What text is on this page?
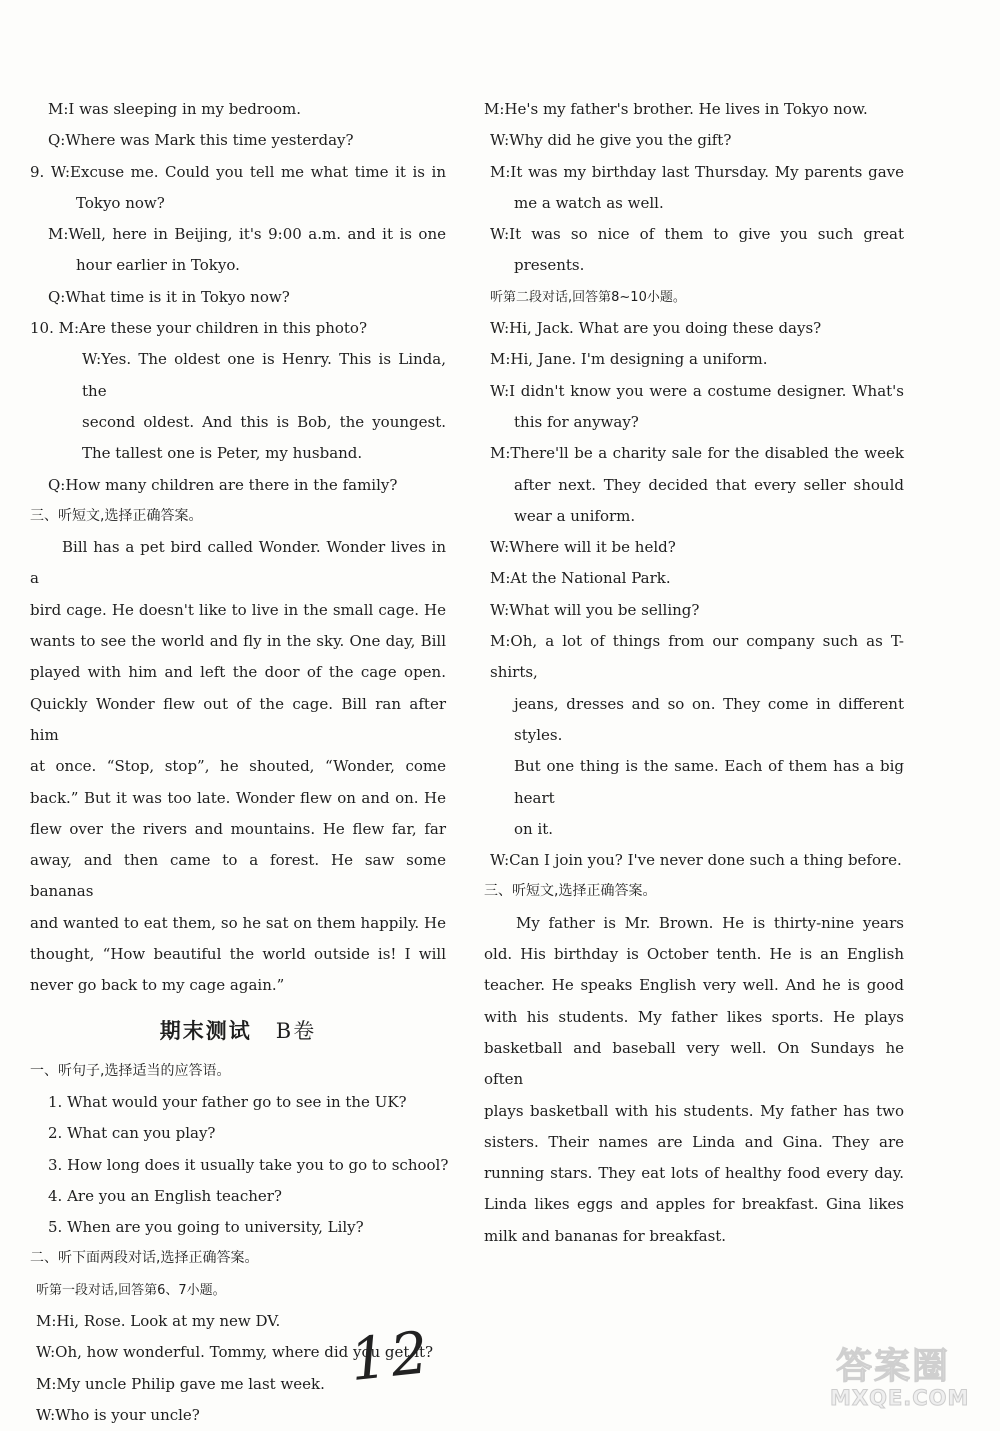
M:I was sleeping in my bedroom.
Q:Where was Mark this time yesterday?
9. W:Excuse me. Could you tell me what time it is in
Tokyo now?
M:Well, here in Beijing, it's 9:00 a.m. and it is one
hour earlier in Tokyo.
Q:What time is it in Tokyo now?
10. M:Are these your children in this photo?
W:Yes. The oldest one is Henry. This is Linda, the
second oldest. And this is Bob, the youngest.
The tallest one is Peter, my husband.
Q:How many children are there in the family?
三、听短文,选择正确答案。
Bill has a pet bird called Wonder. Wonder lives in a
bird cage. He doesn't like to live in the small cage. He
wants to see the world and fly in the sky. One day, Bill
played with him and left the door of the cage open.
Quickly Wonder flew out of the cage. Bill ran after him
at once. “Stop, stop”, he shouted, “Wonder, come
back.” But it was too late. Wonder flew on and on. He
flew over the rivers and mountains. He flew far, far
away, and then came to a forest. He saw some bananas
and wanted to eat them, so he sat on them happily. He
thought, “How beautiful the world outside is! I will
never go back to my cage again.”
期末测试 B卷
一、听句子,选择适当的应答语。
1. What would your father go to see in the UK?
2. What can you play?
3. How long does it usually take you to go to school?
4. Are you an English teacher?
5. When are you going to university, Lily?
二、听下面两段对话,选择正确答案。
听第一段对话,回答第6、7小题。
M:Hi, Rose. Look at my new DV.
W:Oh, how wonderful. Tommy, where did you get it?
M:My uncle Philip gave me last week.
W:Who is your uncle?
M:He's my father's brother. He lives in Tokyo now.
W:Why did he give you the gift?
M:It was my birthday last Thursday. My parents gave
me a watch as well.
W:It was so nice of them to give you such great
presents.
听第二段对话,回答第8~10小题。
W:Hi, Jack. What are you doing these days?
M:Hi, Jane. I'm designing a uniform.
W:I didn't know you were a costume designer. What's
this for anyway?
M:There'll be a charity sale for the disabled the week
after next. They decided that every seller should
wear a uniform.
W:Where will it be held?
M:At the National Park.
W:What will you be selling?
M:Oh, a lot of things from our company such as T-shirts,
jeans, dresses and so on. They come in different styles.
But one thing is the same. Each of them has a big heart
on it.
W:Can I join you? I've never done such a thing before.
三、听短文,选择正确答案。
My father is Mr. Brown. He is thirty-nine years
old. His birthday is October tenth. He is an English
teacher. He speaks English very well. And he is good
with his students. My father likes sports. He plays
basketball and baseball very well. On Sundays he often
plays basketball with his students. My father has two
sisters. Their names are Linda and Gina. They are
running stars. They eat lots of healthy food every day.
Linda likes eggs and apples for breakfast. Gina likes
milk and bananas for breakfast.
12	答案圈
MXQE.COM
